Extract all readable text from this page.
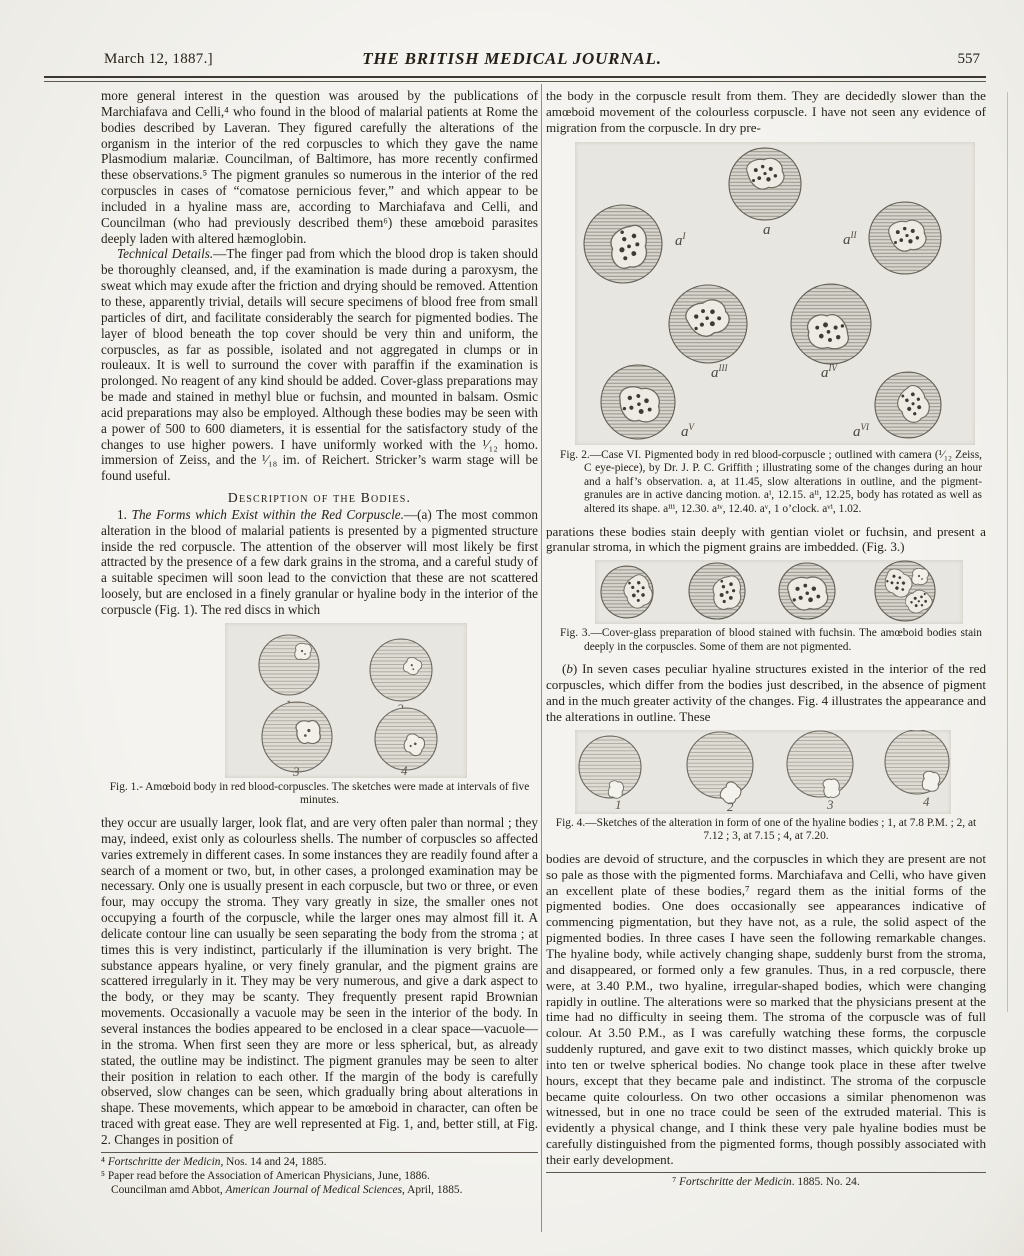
March 12, 1887.]	THE BRITISH MEDICAL JOURNAL.	557

more general interest in the question was aroused by the publications of Marchiafava and Celli,⁴ who found in the blood of malarial patients at Rome the bodies described by Laveran. They figured carefully the alterations of the organism in the interior of the red corpuscles to which they gave the name Plasmodium malariæ. Councilman, of Baltimore, has more recently confirmed these observations.⁵ The pigment granules so numerous in the interior of the red corpuscles in cases of “comatose pernicious fever,” and which appear to be included in a hyaline mass are, according to Marchiafava and Celli, and Councilman (who had previously described them⁶) these amœboid parasites deeply laden with altered hæmoglobin.

Technical Details.—The finger pad from which the blood drop is taken should be thoroughly cleansed, and, if the examination is made during a paroxysm, the sweat which may exude after the friction and drying should be removed. Attention to these, apparently trivial, details will secure specimens of blood free from small particles of dirt, and facilitate considerably the search for pigmented bodies. The layer of blood beneath the top cover should be very thin and uniform, the corpuscles, as far as possible, isolated and not aggregated in clumps or in rouleaux. It is well to surround the cover with paraffin if the examination is prolonged. No reagent of any kind should be added. Cover-glass preparations may be made and stained in methyl blue or fuchsin, and mounted in balsam. Osmic acid preparations may also be employed. Although these bodies may be seen with a power of 500 to 600 diameters, it is essential for the satisfactory study of the changes to use higher powers. I have uniformly worked with the ¹⁄₁₂ homo. immersion of Zeiss, and the ¹⁄₁₈ im. of Reichert. Stricker’s warm stage will be found useful.

Description of the Bodies.

1. The Forms which Exist within the Red Corpuscle.—(a) The most common alteration in the blood of malarial patients is presented by a pigmented structure inside the red corpuscle. The attention of the observer will most likely be first attracted by the presence of a few dark grains in the stroma, and a careful study of a suitable specimen will soon lead to the conviction that these are not scattered loosely, but are enclosed in a finely granular or hyaline body in the interior of the corpuscle (Fig. 1). The red discs in which

3	4

Fig. 1.- Amœboid body in red blood-corpuscles. The sketches were made at intervals of five minutes.

they occur are usually larger, look flat, and are very often paler than normal ; they may, indeed, exist only as colourless shells. The number of corpuscles so affected varies extremely in different cases. In some instances they are readily found after a search of a moment or two, but, in other cases, a prolonged examination may be necessary. Only one is usually present in each corpuscle, but two or three, or even four, may occupy the stroma. They vary greatly in size, the smaller ones not occupying a fourth of the corpuscle, while the larger ones may almost fill it. A delicate contour line can usually be seen separating the body from the stroma ; at times this is very indistinct, particularly if the illumination is very bright. The substance appears hyaline, or very finely granular, and the pigment grains are scattered irregularly in it. They may be very numerous, and give a dark aspect to the body, or they may be scanty. They frequently present rapid Brownian movements. Occasionally a vacuole may be seen in the interior of the body. In several instances the bodies appeared to be enclosed in a clear space—vacuole—in the stroma. When first seen they are more or less spherical, but, as already stated, the outline may be indistinct. The pigment granules may be seen to alter their position in relation to each other. If the margin of the body is carefully observed, slow changes can be seen, which gradually bring about alterations in shape. These movements, which appear to be amœboid in character, can often be traced with great ease. They are well represented at Fig. 1, and, better still, at Fig. 2. Changes in position of

⁴ Fortschritte der Medicin, Nos. 14 and 24, 1885.
⁵ Paper read before the Association of American Physicians, June, 1886.
Councilman amd Abbot, American Journal of Medical Sciences, April, 1885.

the body in the corpuscle result from them. They are decidedly slower than the amœboid movement of the colourless corpuscle. I have not seen any evidence of migration from the corpuscle. In dry pre-

$a^I$	a
$a^{II}$
$a^{III}$	$a^{IV}$
$a^V$	$a^{VI}$

Fig. 2.—Case VI. Pigmented body in red blood-corpuscle ; outlined with camera (¹⁄₁₂ Zeiss, C eye-piece), by Dr. J. P. C. Griffith ; illustrating some of the changes during an hour and a half’s observation. a, at 11.45, slow alterations in outline, and the pigment-granules are in active dancing motion. aⁱ, 12.15. aⁱⁱ, 12.25, body has rotated as well as altered its shape. aⁱⁱⁱ, 12.30. aⁱᵛ, 12.40. aᵛ, 1 o’clock. aᵛⁱ, 1.02.

parations these bodies stain deeply with gentian violet or fuchsin, and present a granular stroma, in which the pigment grains are imbedded. (Fig. 3.)

Fig. 3.—Cover-glass preparation of blood stained with fuchsin. The amœboid bodies stain deeply in the corpuscles. Some of them are not pigmented.

(b) In seven cases peculiar hyaline structures existed in the interior of the red corpuscles, which differ from the bodies just described, in the absence of pigment and in the much greater activity of the changes. Fig. 4 illustrates the appearance and the alterations in outline. These

1	2	3	4

Fig. 4.—Sketches of the alteration in form of one of the hyaline bodies ; 1, at 7.8 P.M. ; 2, at 7.12 ; 3, at 7.15 ; 4, at 7.20.

bodies are devoid of structure, and the corpuscles in which they are present are not so pale as those with the pigmented forms. Marchiafava and Celli, who have given an excellent plate of these bodies,⁷ regard them as the initial forms of the pigmented bodies. One does occasionally see appearances indicative of commencing pigmentation, but they have not, as a rule, the solid aspect of the pigmented bodies. In three cases I have seen the following remarkable changes. The hyaline body, while actively changing shape, suddenly burst from the stroma, and disappeared, or formed only a few granules. Thus, in a red corpuscle, there were, at 3.40 P.M., two hyaline, irregular-shaped bodies, which were changing rapidly in outline. The alterations were so marked that the physicians present at the time had no difficulty in seeing them. The stroma of the corpuscle was of full colour. At 3.50 P.M., as I was carefully watching these forms, the corpuscle suddenly ruptured, and gave exit to two distinct masses, which quickly broke up into ten or twelve spherical bodies. No change took place in these after twelve hours, except that they became pale and indistinct. The stroma of the corpuscle became quite colourless. On two other occasions a similar phenomenon was witnessed, but in one no trace could be seen of the extruded material. This is evidently a physical change, and I think these very pale hyaline bodies must be carefully distinguished from the pigmented forms, though possibly associated with their early development.

⁷ Fortschritte der Medicin. 1885. No. 24.
